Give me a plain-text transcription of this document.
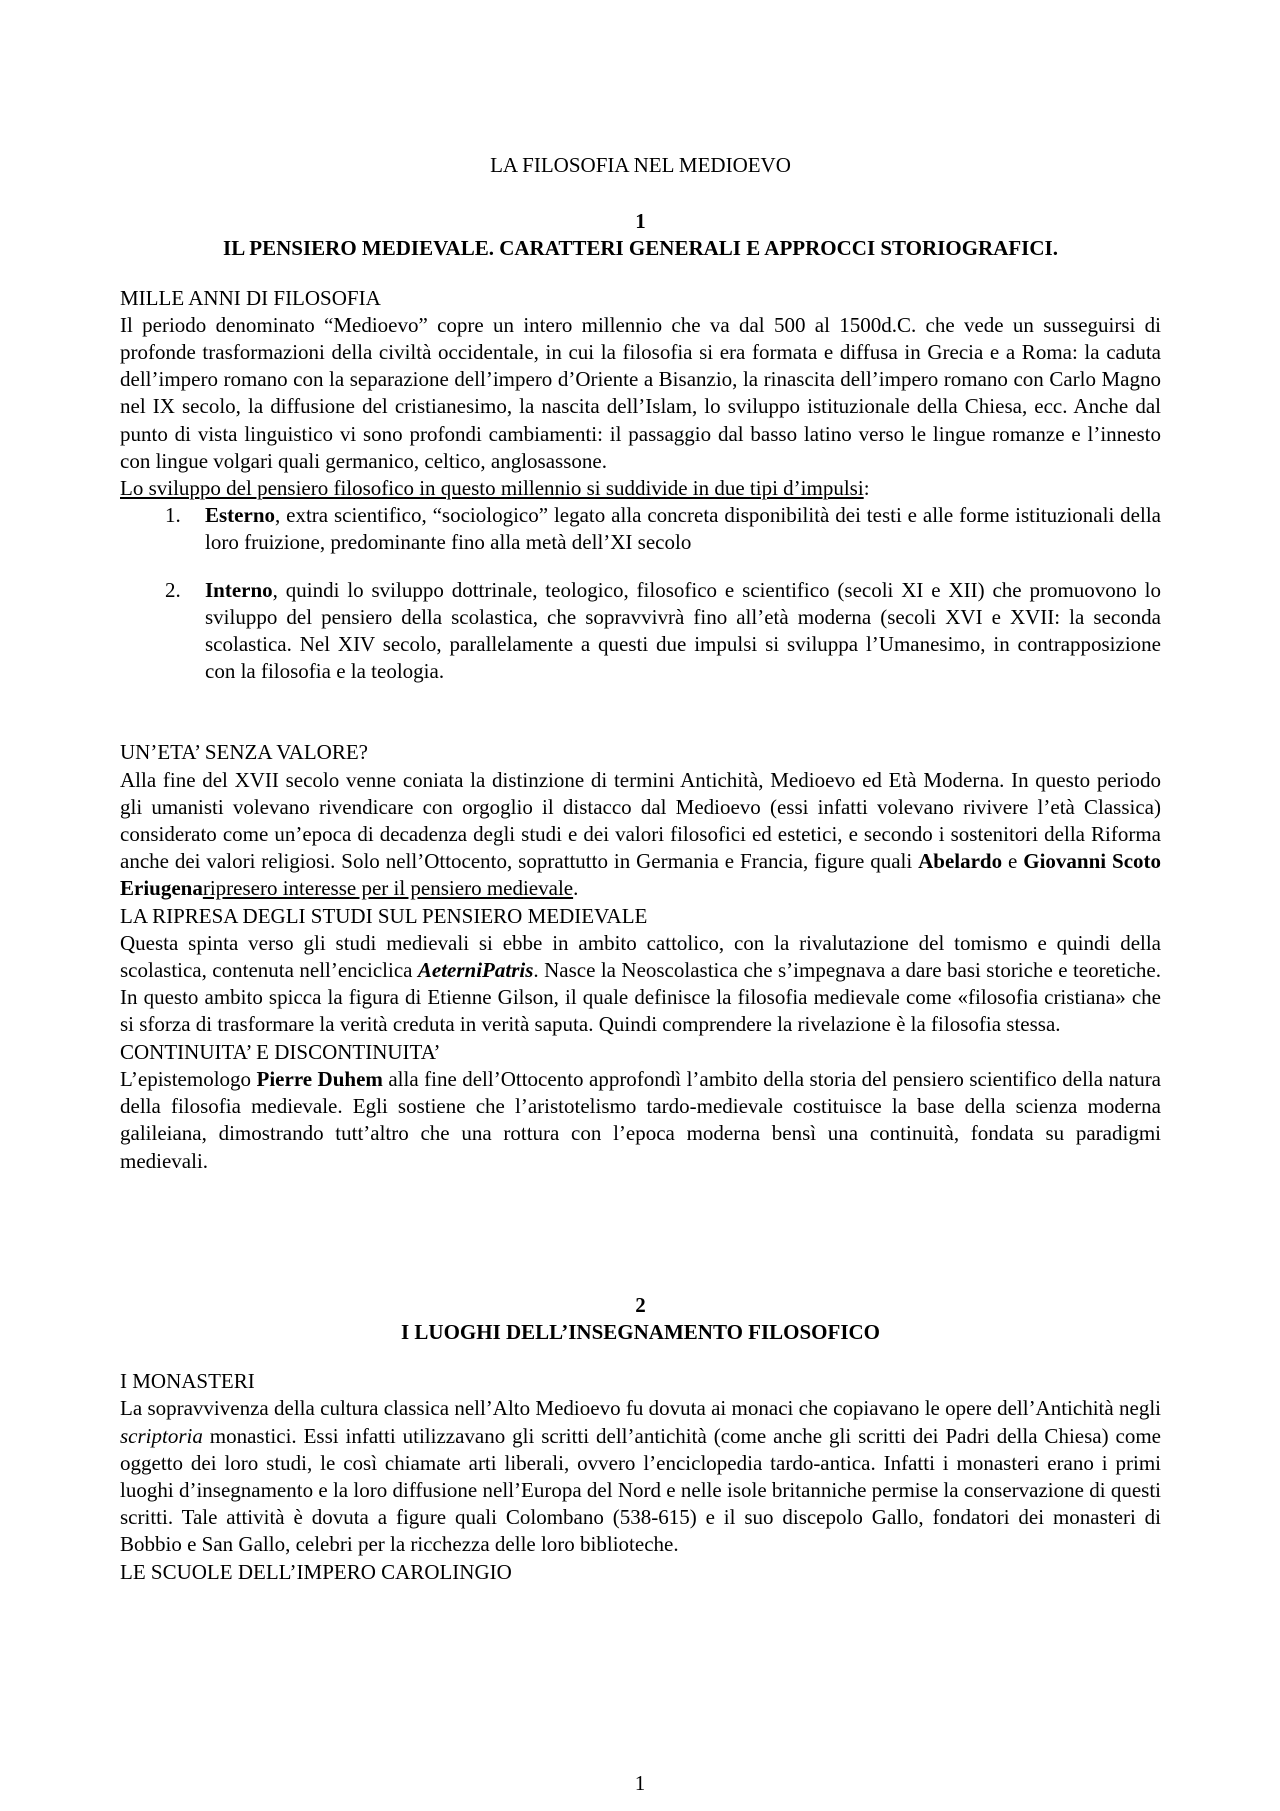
LA FILOSOFIA NEL MEDIOEVO
1
IL PENSIERO MEDIEVALE. CARATTERI GENERALI E APPROCCI STORIOGRAFICI.
MILLE ANNI DI FILOSOFIA

Il periodo denominato “Medioevo” copre un intero millennio che va dal 500 al 1500d.C. che vede un susseguirsi di profonde trasformazioni della civiltà occidentale, in cui la filosofia si era formata e diffusa in Grecia e a Roma: la caduta dell’impero romano con la separazione dell’impero d’Oriente a Bisanzio, la rinascita dell’impero romano con Carlo Magno nel IX secolo, la diffusione del cristianesimo, la nascita dell’Islam, lo sviluppo istituzionale della Chiesa, ecc. Anche dal punto di vista linguistico vi sono profondi cambiamenti: il passaggio dal basso latino verso le lingue romanze e l’innesto con lingue volgari quali germanico, celtico, anglosassone.

Lo sviluppo del pensiero filosofico in questo millennio si suddivide in due tipi d’impulsi:

1. Esterno, extra scientifico, “sociologico” legato alla concreta disponibilità dei testi e alle forme istituzionali della loro fruizione, predominante fino alla metà dell’XI secolo
2. Interno, quindi lo sviluppo dottrinale, teologico, filosofico e scientifico (secoli XI e XII) che promuovono lo sviluppo del pensiero della scolastica, che sopravvivrà fino all’età moderna (secoli XVI e XVII: la seconda scolastica. Nel XIV secolo, parallelamente a questi due impulsi si sviluppa l’Umanesimo, in contrapposizione con la filosofia e la teologia.
UN’ETA’ SENZA VALORE?

Alla fine del XVII secolo venne coniata la distinzione di termini Antichità, Medioevo ed Età Moderna. In questo periodo gli umanisti volevano rivendicare con orgoglio il distacco dal Medioevo (essi infatti volevano rivivere l’età Classica) considerato come un’epoca di decadenza degli studi e dei valori filosofici ed estetici, e secondo i sostenitori della Riforma anche dei valori religiosi. Solo nell’Ottocento, soprattutto in Germania e Francia, figure quali Abelardo e Giovanni Scoto Eriugenaripresero interesse per il pensiero medievale.

LA RIPRESA DEGLI STUDI SUL PENSIERO MEDIEVALE

Questa spinta verso gli studi medievali si ebbe in ambito cattolico, con la rivalutazione del tomismo e quindi della scolastica, contenuta nell’enciclica AeterniPatris. Nasce la Neoscolastica che s’impegnava a dare basi storiche e teoretiche. In questo ambito spicca la figura di Etienne Gilson, il quale definisce la filosofia medievale come «filosofia cristiana» che si sforza di trasformare la verità creduta in verità saputa. Quindi comprendere la rivelazione è la filosofia stessa.

CONTINUITA’ E DISCONTINUITA’

L’epistemologo Pierre Duhem alla fine dell’Ottocento approfondì l’ambito della storia del pensiero scientifico della natura della filosofia medievale. Egli sostiene che l’aristotelismo tardo-medievale costituisce la base della scienza moderna galileiana, dimostrando tutt’altro che una rottura con l’epoca moderna bensì una continuità, fondata su paradigmi medievali.

2
I LUOGHI DELL’INSEGNAMENTO FILOSOFICO
I MONASTERI

La sopravvivenza della cultura classica nell’Alto Medioevo fu dovuta ai monaci che copiavano le opere dell’Antichità negli scriptoria monastici. Essi infatti utilizzavano gli scritti dell’antichità (come anche gli scritti dei Padri della Chiesa) come oggetto dei loro studi, le così chiamate arti liberali, ovvero l’enciclopedia tardo-antica. Infatti i monasteri erano i primi luoghi d’insegnamento e la loro diffusione nell’Europa del Nord e nelle isole britanniche permise la conservazione di questi scritti. Tale attività è dovuta a figure quali Colombano (538-615) e il suo discepolo Gallo, fondatori dei monasteri di Bobbio e San Gallo, celebri per la ricchezza delle loro biblioteche.

LE SCUOLE DELL’IMPERO CAROLINGIO
1
